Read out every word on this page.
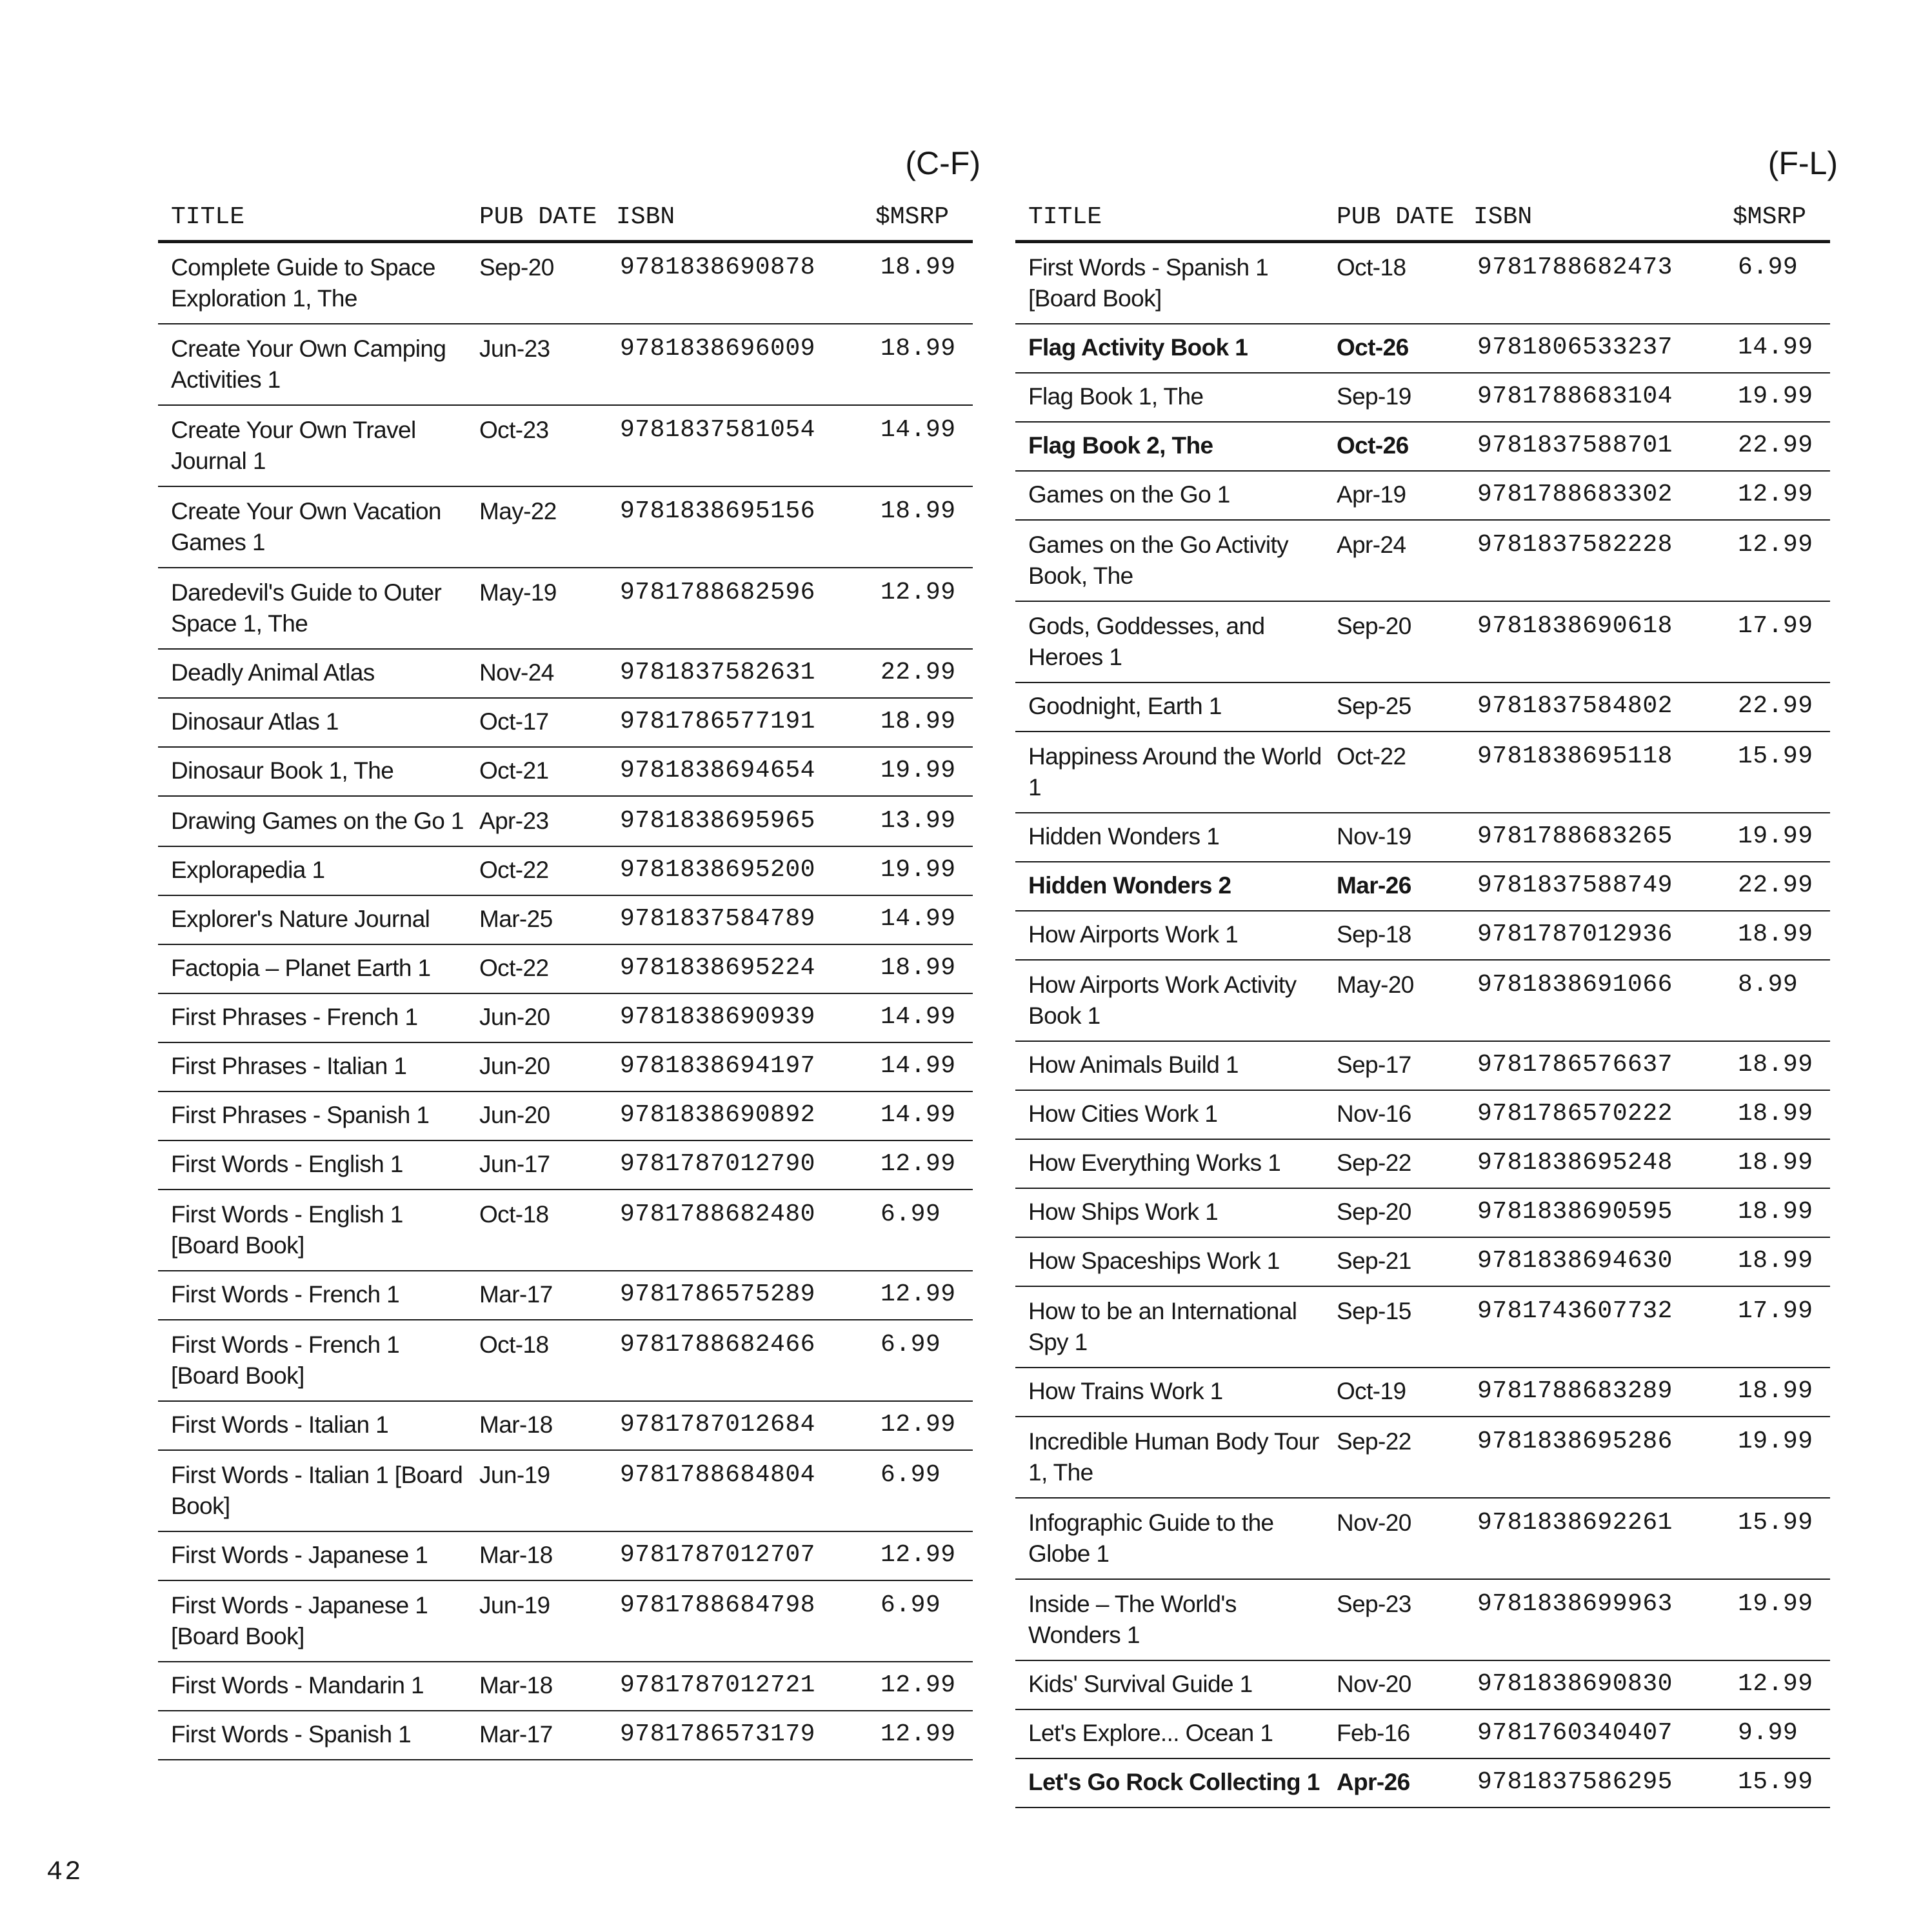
(C-F)
TITLE	PUB DATE	ISBN	$MSRP
Complete Guide to Space Exploration 1, The	Sep-20	9781838690878	18.99
Create Your Own Camping Activities 1	Jun-23	9781838696009	18.99
Create Your Own Travel Journal 1	Oct-23	9781837581054	14.99
Create Your Own Vacation Games 1	May-22	9781838695156	18.99
Daredevil's Guide to Outer Space 1, The	May-19	9781788682596	12.99
Deadly Animal Atlas	Nov-24	9781837582631	22.99
Dinosaur Atlas 1	Oct-17	9781786577191	18.99
Dinosaur Book 1, The	Oct-21	9781838694654	19.99
Drawing Games on the Go 1	Apr-23	9781838695965	13.99
Explorapedia 1	Oct-22	9781838695200	19.99
Explorer's Nature Journal	Mar-25	9781837584789	14.99
Factopia – Planet Earth 1	Oct-22	9781838695224	18.99
First Phrases - French 1	Jun-20	9781838690939	14.99
First Phrases - Italian 1	Jun-20	9781838694197	14.99
First Phrases - Spanish 1	Jun-20	9781838690892	14.99
First Words - English 1	Jun-17	9781787012790	12.99
First Words - English 1 [Board Book]	Oct-18	9781788682480	6.99
First Words - French 1	Mar-17	9781786575289	12.99
First Words - French 1 [Board Book]	Oct-18	9781788682466	6.99
First Words - Italian 1	Mar-18	9781787012684	12.99
First Words - Italian 1 [Board Book]	Jun-19	9781788684804	6.99
First Words - Japanese 1	Mar-18	9781787012707	12.99
First Words - Japanese 1 [Board Book]	Jun-19	9781788684798	6.99
First Words - Mandarin 1	Mar-18	9781787012721	12.99
First Words - Spanish 1	Mar-17	9781786573179	12.99
(F-L)
TITLE	PUB DATE	ISBN	$MSRP
First Words - Spanish 1 [Board Book]	Oct-18	9781788682473	6.99
Flag Activity Book 1	Oct-26	9781806533237	14.99
Flag Book 1, The	Sep-19	9781788683104	19.99
Flag Book 2, The	Oct-26	9781837588701	22.99
Games on the Go 1	Apr-19	9781788683302	12.99
Games on the Go Activity Book, The	Apr-24	9781837582228	12.99
Gods, Goddesses, and Heroes 1	Sep-20	9781838690618	17.99
Goodnight, Earth 1	Sep-25	9781837584802	22.99
Happiness Around the World 1	Oct-22	9781838695118	15.99
Hidden Wonders 1	Nov-19	9781788683265	19.99
Hidden Wonders 2	Mar-26	9781837588749	22.99
How Airports Work 1	Sep-18	9781787012936	18.99
How Airports Work Activity Book 1	May-20	9781838691066	8.99
How Animals Build 1	Sep-17	9781786576637	18.99
How Cities Work 1	Nov-16	9781786570222	18.99
How Everything Works 1	Sep-22	9781838695248	18.99
How Ships Work 1	Sep-20	9781838690595	18.99
How Spaceships Work 1	Sep-21	9781838694630	18.99
How to be an International Spy 1	Sep-15	9781743607732	17.99
How Trains Work 1	Oct-19	9781788683289	18.99
Incredible Human Body Tour 1, The	Sep-22	9781838695286	19.99
Infographic Guide to the Globe 1	Nov-20	9781838692261	15.99
Inside – The World's Wonders 1	Sep-23	9781838699963	19.99
Kids' Survival Guide 1	Nov-20	9781838690830	12.99
Let's Explore... Ocean 1	Feb-16	9781760340407	9.99
Let's Go Rock Collecting 1	Apr-26	9781837586295	15.99
42
